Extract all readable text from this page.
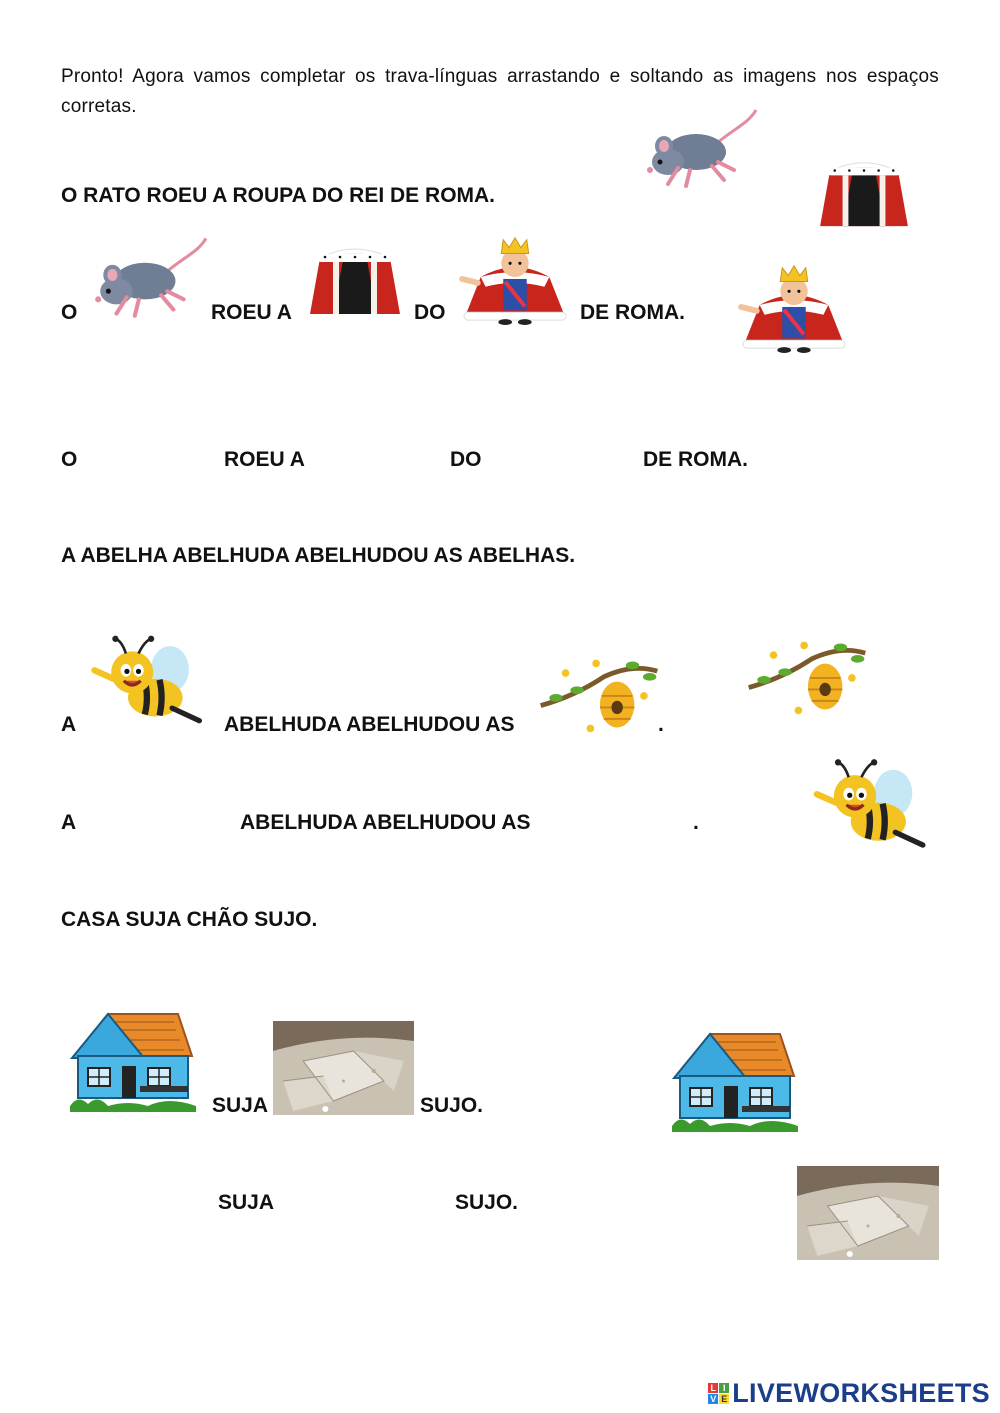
Pronto! Agora vamos completar os trava-línguas arrastando e soltando as imagens nos espaços corretas.
O RATO ROEU A ROUPA DO REI DE ROMA.
O	ROEU A	DO	DE ROMA.
O	ROEU A	DO	DE ROMA.
A ABELHA ABELHUDA ABELHUDOU AS ABELHAS.
A	ABELHUDA ABELHUDOU AS	.
A	ABELHUDA ABELHUDOU AS	.
CASA SUJA CHÃO SUJO.
SUJA	SUJO.
SUJA	SUJO.
L I
V E LIVEWORKSHEETS
